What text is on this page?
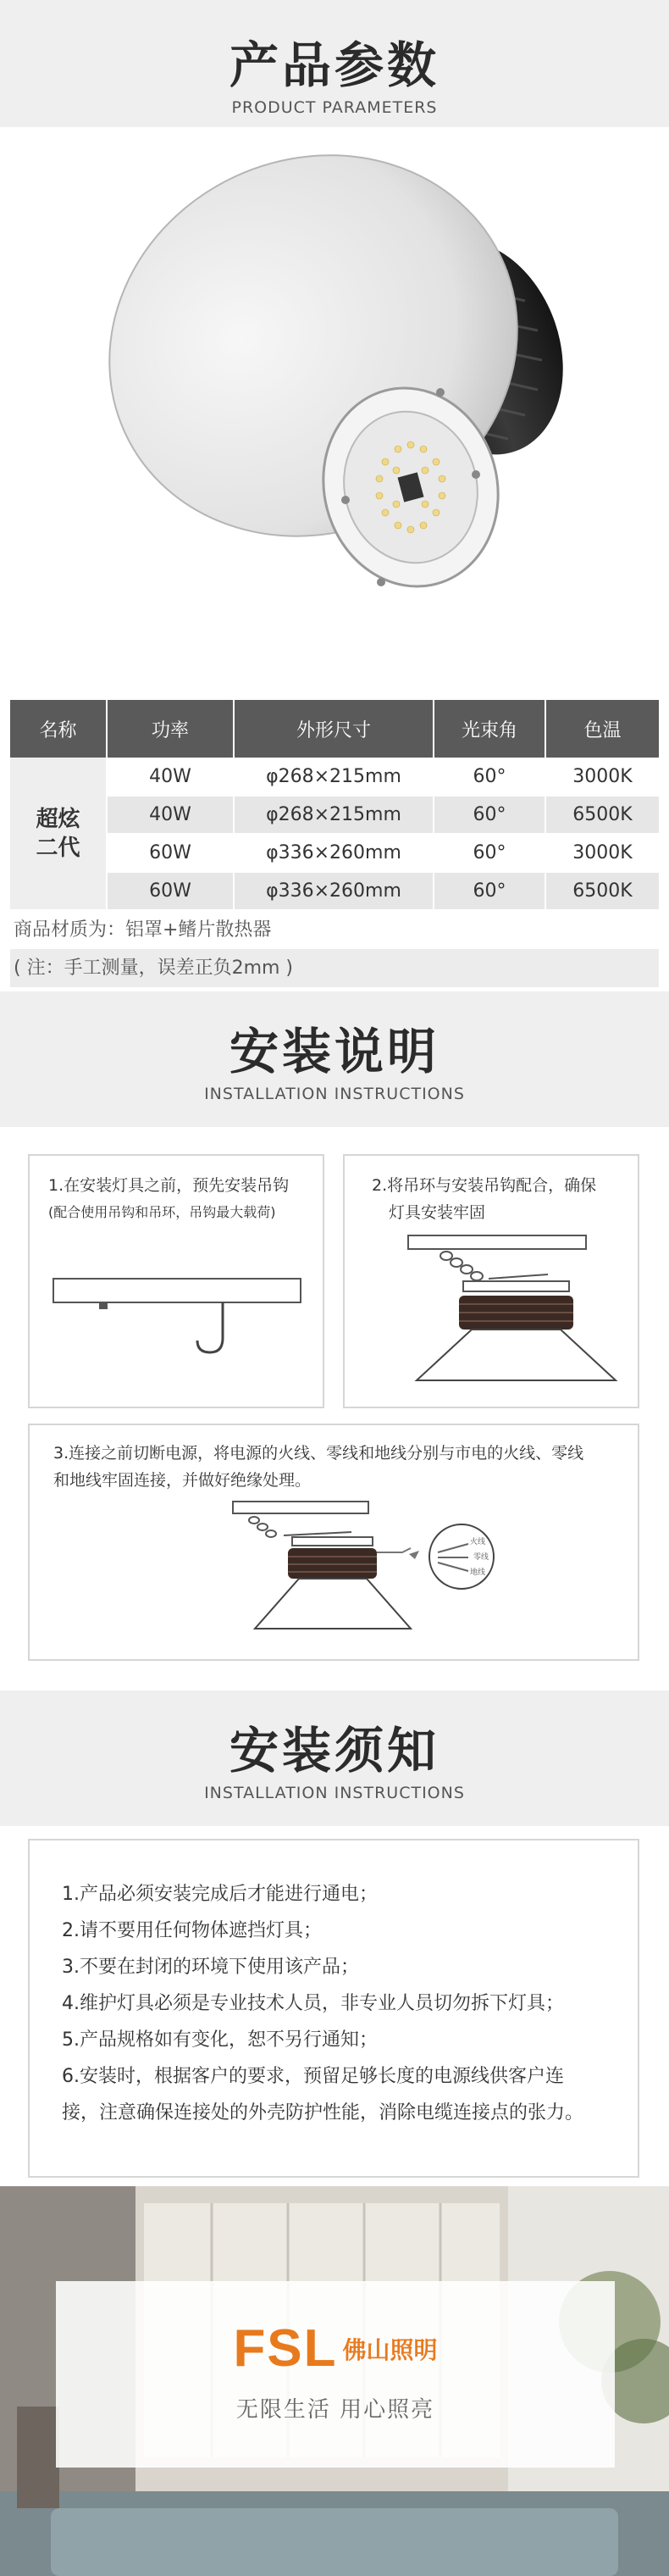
产品参数
PRODUCT PARAMETERS
名称	功率	外形尺寸	光束角	色温

超炫
二代	40W	φ268×215mm	60°	3000K
	40W	φ268×215mm	60°	6500K
	60W	φ336×260mm	60°	3000K
	60W	φ336×260mm	60°	6500K
商品材质为：铝罩+鳍片散热器
( 注：手工测量，误差正负2mm )
安装说明
INSTALLATION INSTRUCTIONS
1.在安装灯具之前，预先安装吊钩
(配合使用吊钩和吊环，吊钩最大载荷)
2.将吊环与安装吊钩配合，确保
灯具安装牢固
3.连接之前切断电源，将电源的火线、零线和地线分别与市电的火线、零线
和地线牢固连接，并做好绝缘处理。
火线
零线
地线
安装须知
INSTALLATION INSTRUCTIONS
1.产品必须安装完成后才能进行通电；
2.请不要用任何物体遮挡灯具；
3.不要在封闭的环境下使用该产品；
4.维护灯具必须是专业技术人员，非专业人员切勿拆下灯具；
5.产品规格如有变化，恕不另行通知；
6.安装时，根据客户的要求，预留足够长度的电源线供客户连
接，注意确保连接处的外壳防护性能，消除电缆连接点的张力。
FSL 佛山照明
无限生活 用心照亮
